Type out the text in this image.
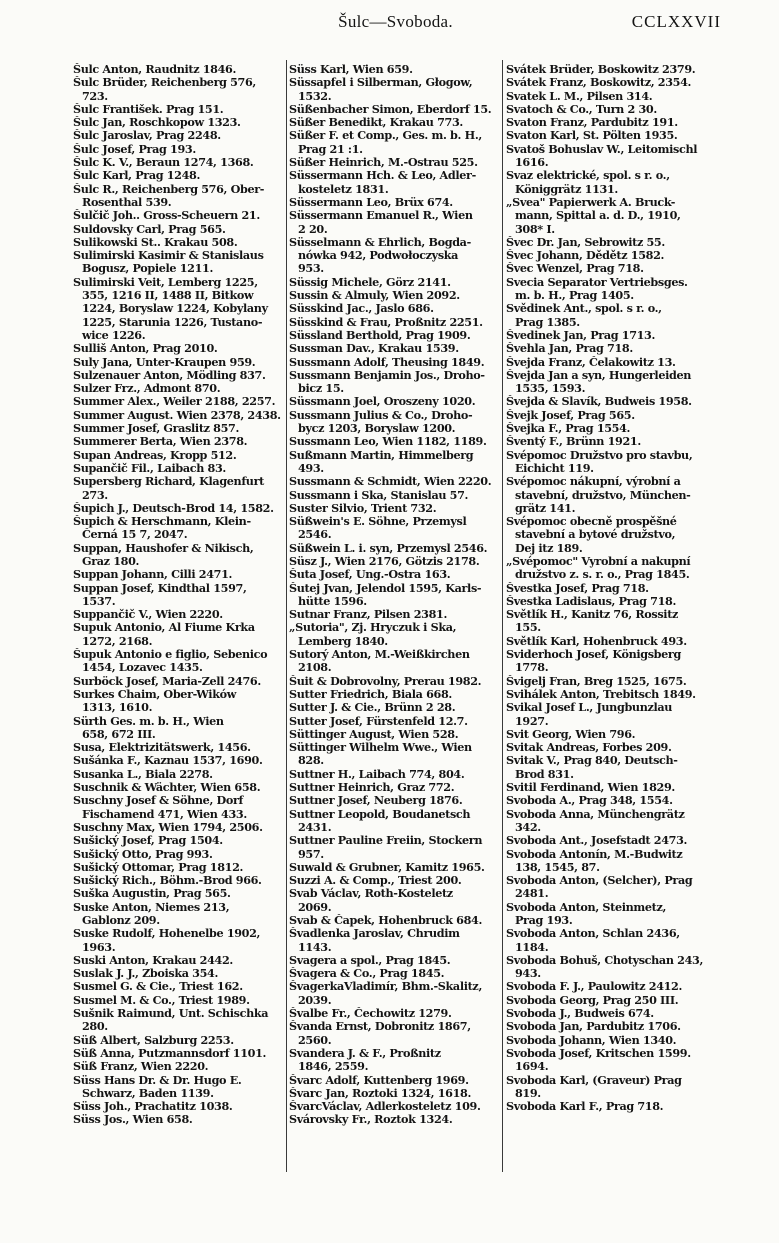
Šulc—Svoboda.	CCLXXVII
Šulc Anton, Raudnitz 1846.
Šulc Brüder, Reichenberg 576,
723.
Šulc František. Prag 151.
Šulc Jan, Roschkopow 1323.
Šulc Jaroslav, Prag 2248.
Šulc Josef, Prag 193.
Šulc K. V., Beraun 1274, 1368.
Šulc Karl, Prag 1248.
Šulc R., Reichenberg 576, Ober-
Rosenthal 539.
Šulčič Joh.. Gross-Scheuern 21.
Suldovsky Carl, Prag 565.
Sulikowski St.. Krakau 508.
Sulimirski Kasimir & Stanislaus
Bogusz, Popiele 1211.
Sulimirski Veit, Lemberg 1225,
355, 1216 II, 1488 II, Bitkow
1224, Boryslaw 1224, Kobylany
1225, Starunia 1226, Tustano-
wice 1226.
Sulliš Anton, Prag 2010.
Suly Jana, Unter-Kraupen 959.
Sulzenauer Anton, Mödling 837.
Sulzer Frz., Admont 870.
Summer Alex., Weiler 2188, 2257.
Summer August. Wien 2378, 2438.
Summer Josef, Graslitz 857.
Summerer Berta, Wien 2378.
Supan Andreas, Kropp 512.
Supančič Fil., Laibach 83.
Supersberg Richard, Klagenfurt
273.
Šupich J., Deutsch-Brod 14, 1582.
Šupich & Herschmann, Klein-
Černá 15 7, 2047.
Suppan, Haushofer & Nikisch,
Graz 180.
Suppan Johann, Cilli 2471.
Suppan Josef, Kindthal 1597,
1537.
Suppančič V., Wien 2220.
Supuk Antonio, Al Fiume Krka
1272, 2168.
Šupuk Antonio e figlio, Sebenico
1454, Lozavec 1435.
Surböck Josef, Maria-Zell 2476.
Surkes Chaim, Ober-Wików
1313, 1610.
Sürth Ges. m. b. H., Wien
658, 672 III.
Susa, Elektrizitätswerk, 1456.
Sušánka F., Kaznau 1537, 1690.
Susanka L., Biala 2278.
Suschnik & Wächter, Wien 658.
Suschny Josef & Söhne, Dorf
Fischamend 471, Wien 433.
Suschny Max, Wien 1794, 2506.
Sušický Josef, Prag 1504.
Sušický Otto, Prag 993.
Sušický Ottomar, Prag 1812.
Sušický Rich., Böhm.-Brod 966.
Suška Augustin, Prag 565.
Suske Anton, Niemes 213,
Gablonz 209.
Suske Rudolf, Hohenelbe 1902,
1963.
Suski Anton, Krakau 2442.
Suslak J. J., Zboiska 354.
Susmel G. & Cie., Triest 162.
Susmel M. & Co., Triest 1989.
Sušnik Raimund, Unt. Schischka
280.
Süß Albert, Salzburg 2253.
Süß Anna, Putzmannsdorf 1101.
Süß Franz, Wien 2220.
Süss Hans Dr. & Dr. Hugo E.
Schwarz, Baden 1139.
Süss Joh., Prachatitz 1038.
Süss Jos., Wien 658.
Süss Karl, Wien 659.
Süssapfel i Silberman, Głogow,
1532.
Süßenbacher Simon, Eberdorf 15.
Süßer Benedikt, Krakau 773.
Süßer F. et Comp., Ges. m. b. H.,
Prag 21 :1.
Süßer Heinrich, M.-Ostrau 525.
Süssermann Hch. & Leo, Adler-
kosteletz 1831.
Süssermann Leo, Brüx 674.
Süssermann Emanuel R., Wien
2 20.
Süsselmann & Ehrlich, Bogda-
nówka 942, Podwołoczyska
953.
Süssig Michele, Görz 2141.
Sussin & Almuly, Wien 2092.
Süsskind Jac., Jaslo 686.
Süsskind & Frau, Proßnitz 2251.
Süssland Berthold, Prag 1909.
Sussman Dav., Krakau 1539.
Sussmann Adolf, Theusing 1849.
Sussmann Benjamin Jos., Droho-
bicz 15.
Süssmann Joel, Oroszeny 1020.
Sussmann Julius & Co., Droho-
bycz 1203, Boryslaw 1200.
Sussmann Leo, Wien 1182, 1189.
Sußmann Martin, Himmelberg
493.
Sussmann & Schmidt, Wien 2220.
Sussmann i Ska, Stanislau 57.
Suster Silvio, Trient 732.
Süßwein's E. Söhne, Przemysl
2546.
Süßwein L. i. syn, Przemysl 2546.
Süsz J., Wien 2176, Götzis 2178.
Šuta Josef, Ung.-Ostra 163.
Šutej Jvan, Jelendol 1595, Karls-
hütte 1596.
Sutnar Franz, Pilsen 2381.
„Sutoria", Zj. Hryczuk i Ska,
Lemberg 1840.
Sutorý Anton, M.-Weißkirchen
2108.
Šuit & Dobrovolny, Prerau 1982.
Sutter Friedrich, Biala 668.
Sutter J. & Cie., Brünn 2 28.
Sutter Josef, Fürstenfeld 12.7.
Süttinger August, Wien 528.
Süttinger Wilhelm Wwe., Wien
828.
Suttner H., Laibach 774, 804.
Suttner Heinrich, Graz 772.
Suttner Josef, Neuberg 1876.
Suttner Leopold, Boudanetsch
2431.
Suttner Pauline Freiin, Stockern
957.
Suwald & Grubner, Kamitz 1965.
Suzzi A. & Comp., Triest 200.
Svab Václav, Roth-Kosteletz
2069.
Svab & Čapek, Hohenbruck 684.
Švadlenka Jaroslav, Chrudim
1143.
Svagera a spol., Prag 1845.
Švagera & Co., Prag 1845.
ŠvagerkaVladimír, Bhm.-Skalitz,
2039.
Švalbe Fr., Čechowitz 1279.
Švanda Ernst, Dobronitz 1867,
2560.
Svandera J. & F., Proßnitz
1846, 2559.
Švarc Adolf, Kuttenberg 1969.
Švarc Jan, Roztoki 1324, 1618.
ŠvarcVáclav, Adlerkosteletz 109.
Svárovsky Fr., Roztok 1324.
Svátek Brüder, Boskowitz 2379.
Svátek Franz, Boskowitz, 2354.
Svatek L. M., Pilsen 314.
Svatoch & Co., Turn 2 30.
Svaton Franz, Pardubitz 191.
Svaton Karl, St. Pölten 1935.
Svatoš Bohuslav W., Leitomischl
1616.
Svaz elektrické, spol. s r. o.,
Königgrätz 1131.
„Svea" Papierwerk A. Bruck-
mann, Spittal a. d. D., 1910,
308* I.
Švec Dr. Jan, Sebrowitz 55.
Švec Johann, Dědětz 1582.
Švec Wenzel, Prag 718.
Svecia Separator Vertriebsges.
m. b. H., Prag 1405.
Svědinek Ant., spol. s r. o.,
Prag 1385.
Švedinek Jan, Prag 1713.
Švehla Jan, Prag 718.
Švejda Franz, Čelakowitz 13.
Švejda Jan a syn, Hungerleiden
1535, 1593.
Švejda & Slavík, Budweis 1958.
Švejk Josef, Prag 565.
Švejka F., Prag 1554.
Šventý F., Brünn 1921.
Svépomoc Družstvo pro stavbu,
Eichicht 119.
Svépomoc nákupní, výrobní a
stavební, družstvo, München-
grätz 141.
Svépomoc obecně prospěšné
stavební a bytové družstvo,
Dej itz 189.
„Svépomoc" Vyrobní a nakupní
družstvo z. s. r. o., Prag 1845.
Švestka Josef, Prag 718.
Švestka Ladislaus, Prag 718.
Světlík H., Kanitz 76, Rossitz
155.
Světlík Karl, Hohenbruck 493.
Sviderhoch Josef, Königsberg
1778.
Švigelj Fran, Breg 1525, 1675.
Svihálek Anton, Trebitsch 1849.
Svikal Josef L., Jungbunzlau
1927.
Svit Georg, Wien 796.
Svitak Andreas, Forbes 209.
Svitak V., Prag 840, Deutsch-
Brod 831.
Svitil Ferdinand, Wien 1829.
Svoboda A., Prag 348, 1554.
Svoboda Anna, Münchengrätz
342.
Svoboda Ant., Josefstadt 2473.
Svoboda Antonín, M.-Budwitz
138, 1545, 87.
Svoboda Anton, (Selcher), Prag
2481.
Svoboda Anton, Steinmetz,
Prag 193.
Svoboda Anton, Schlan 2436,
1184.
Svoboda Bohuš, Chotyschan 243,
943.
Svoboda F. J., Paulowitz 2412.
Svoboda Georg, Prag 250 III.
Svoboda J., Budweis 674.
Svoboda Jan, Pardubitz 1706.
Svoboda Johann, Wien 1340.
Svoboda Josef, Kritschen 1599.
1694.
Svoboda Karl, (Graveur) Prag
819.
Svoboda Karl F., Prag 718.
